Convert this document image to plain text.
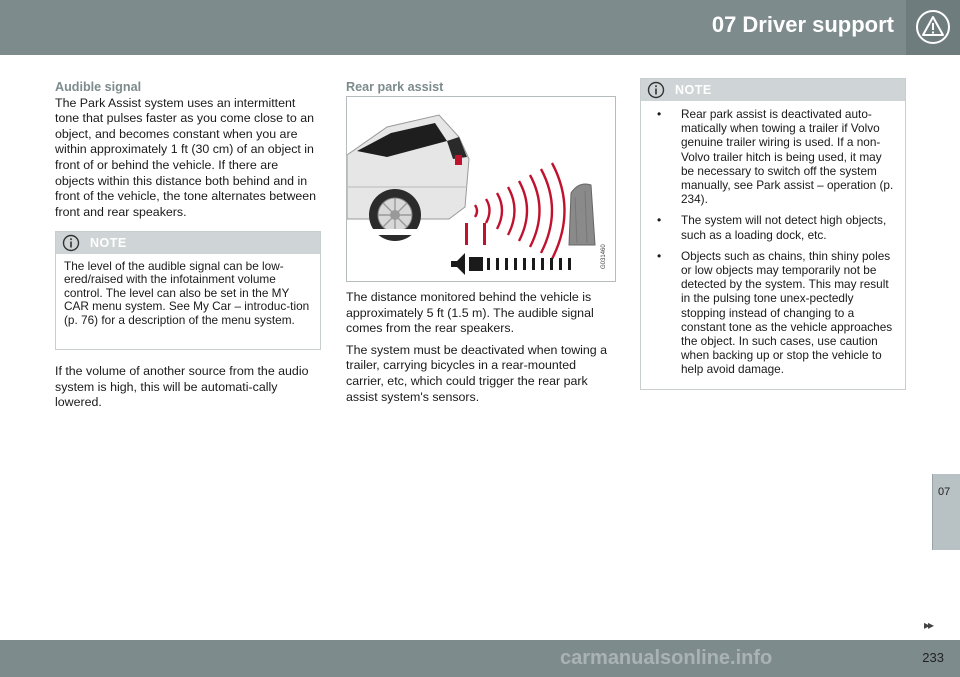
07 Driver support

Audible signal

The Park Assist system uses an intermittent tone that pulses faster as you come close to an object, and becomes constant when you are within approximately 1 ft (30 cm) of an object in front of or behind the vehicle. If there are objects within this distance both behind and in front of the vehicle, the tone alternates between front and rear speakers.

NOTE
The level of the audible signal can be low-ered/raised with the infotainment volume control. The level can also be set in the MY CAR menu system. See My Car – introduc-tion (p. 76) for a description of the menu system.

If the volume of another source from the audio system is high, this will be automati-cally lowered.

Rear park assist

G031460

The distance monitored behind the vehicle is approximately 5 ft (1.5 m). The audible signal comes from the rear speakers.

The system must be deactivated when towing a trailer, carrying bicycles in a rear-mounted carrier, etc, which could trigger the rear park assist system's sensors.

NOTE
• Rear park assist is deactivated auto-matically when towing a trailer if Volvo genuine trailer wiring is used. If a non-Volvo trailer hitch is being used, it may be necessary to switch off the system manually, see Park assist – operation (p. 234).
• The system will not detect high objects, such as a loading dock, etc.
• Objects such as chains, thin shiny poles or low objects may temporarily not be detected by the system. This may result in the pulsing tone unex-pectedly stopping instead of changing to a constant tone as the vehicle approaches the object. In such cases, use caution when backing up or stop the vehicle to help avoid damage.
07
▸▸
carmanualsonline.info	233
